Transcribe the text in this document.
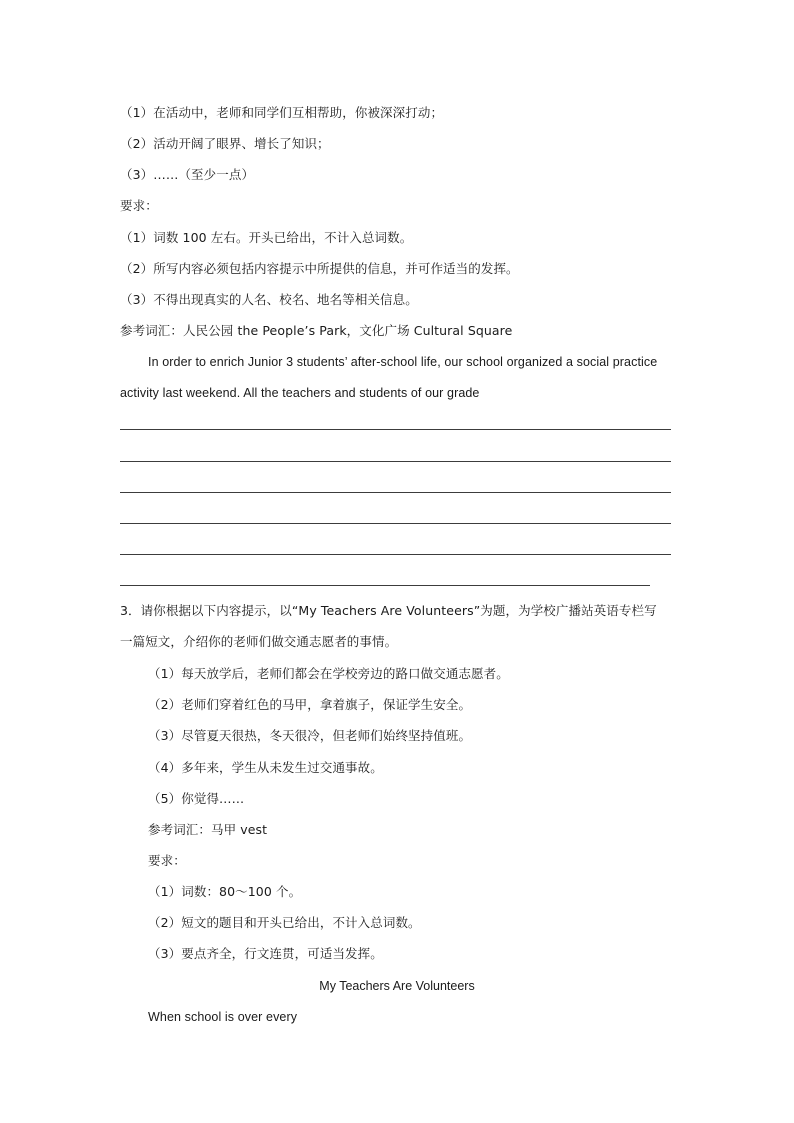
（1）在活动中，老师和同学们互相帮助，你被深深打动；
（2）活动开阔了眼界、增长了知识；
（3）……（至少一点）
要求：
（1）词数 100 左右。开头已给出，不计入总词数。
（2）所写内容必须包括内容提示中所提供的信息，并可作适当的发挥。
（3）不得出现真实的人名、校名、地名等相关信息。
参考词汇：人民公园 the People’s Park，文化广场 Cultural Square
In order to enrich Junior 3 students’ after-school life, our school organized a social practice
activity last weekend. All the teachers and students of our grade
3．请你根据以下内容提示，以“My Teachers Are Volunteers”为题，为学校广播站英语专栏写
一篇短文，介绍你的老师们做交通志愿者的事情。
（1）每天放学后，老师们都会在学校旁边的路口做交通志愿者。
（2）老师们穿着红色的马甲，拿着旗子，保证学生安全。
（3）尽管夏天很热，冬天很冷，但老师们始终坚持值班。
（4）多年来，学生从未发生过交通事故。
（5）你觉得……
参考词汇：马甲 vest
要求：
（1）词数：80～100 个。
（2）短文的题目和开头已给出，不计入总词数。
（3）要点齐全，行文连贯，可适当发挥。
My Teachers Are Volunteers
When school is over every
